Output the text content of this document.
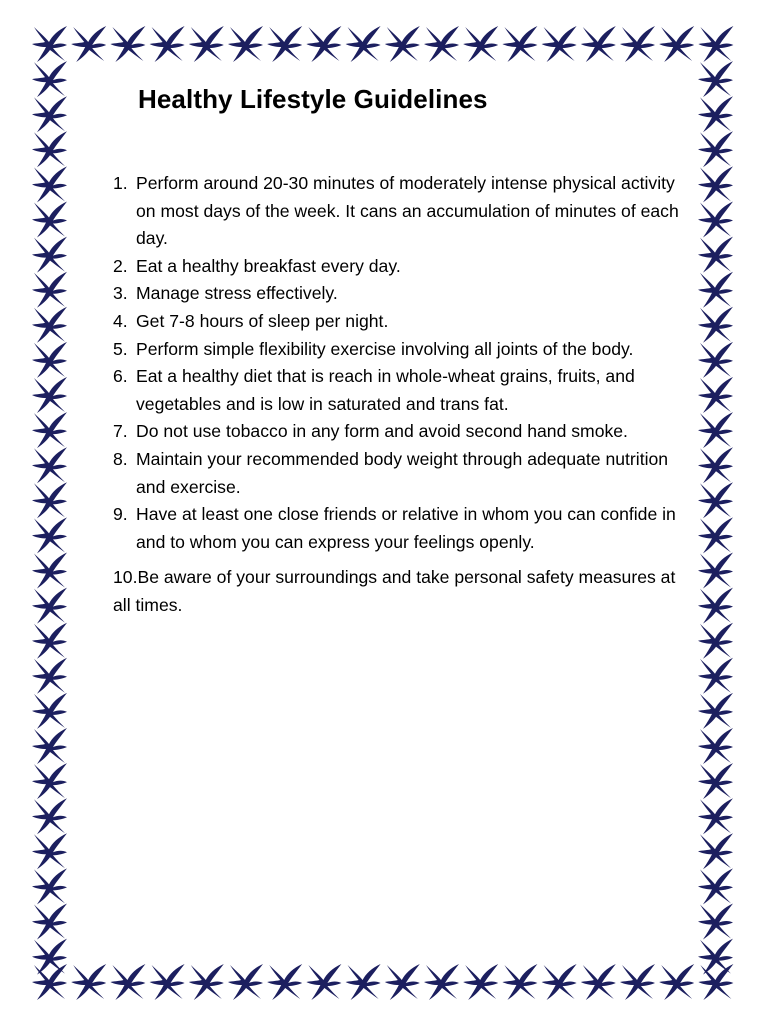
Healthy Lifestyle Guidelines
1. Perform around 20-30 minutes of moderately intense physical activity on most days of the week. It cans an accumulation of minutes of each day.
2. Eat a healthy breakfast every day.
3. Manage stress effectively.
4. Get 7-8 hours of sleep per night.
5. Perform simple flexibility exercise involving all joints of the body.
6. Eat a healthy diet that is reach in whole-wheat grains, fruits, and vegetables and is low in saturated and trans fat.
7. Do not use tobacco in any form and avoid second hand smoke.
8. Maintain your recommended body weight through adequate nutrition and exercise.
9. Have at least one close friends or relative in whom you can confide in and to whom you can express your feelings openly.

10.Be aware of your surroundings and take personal safety measures at all times.
